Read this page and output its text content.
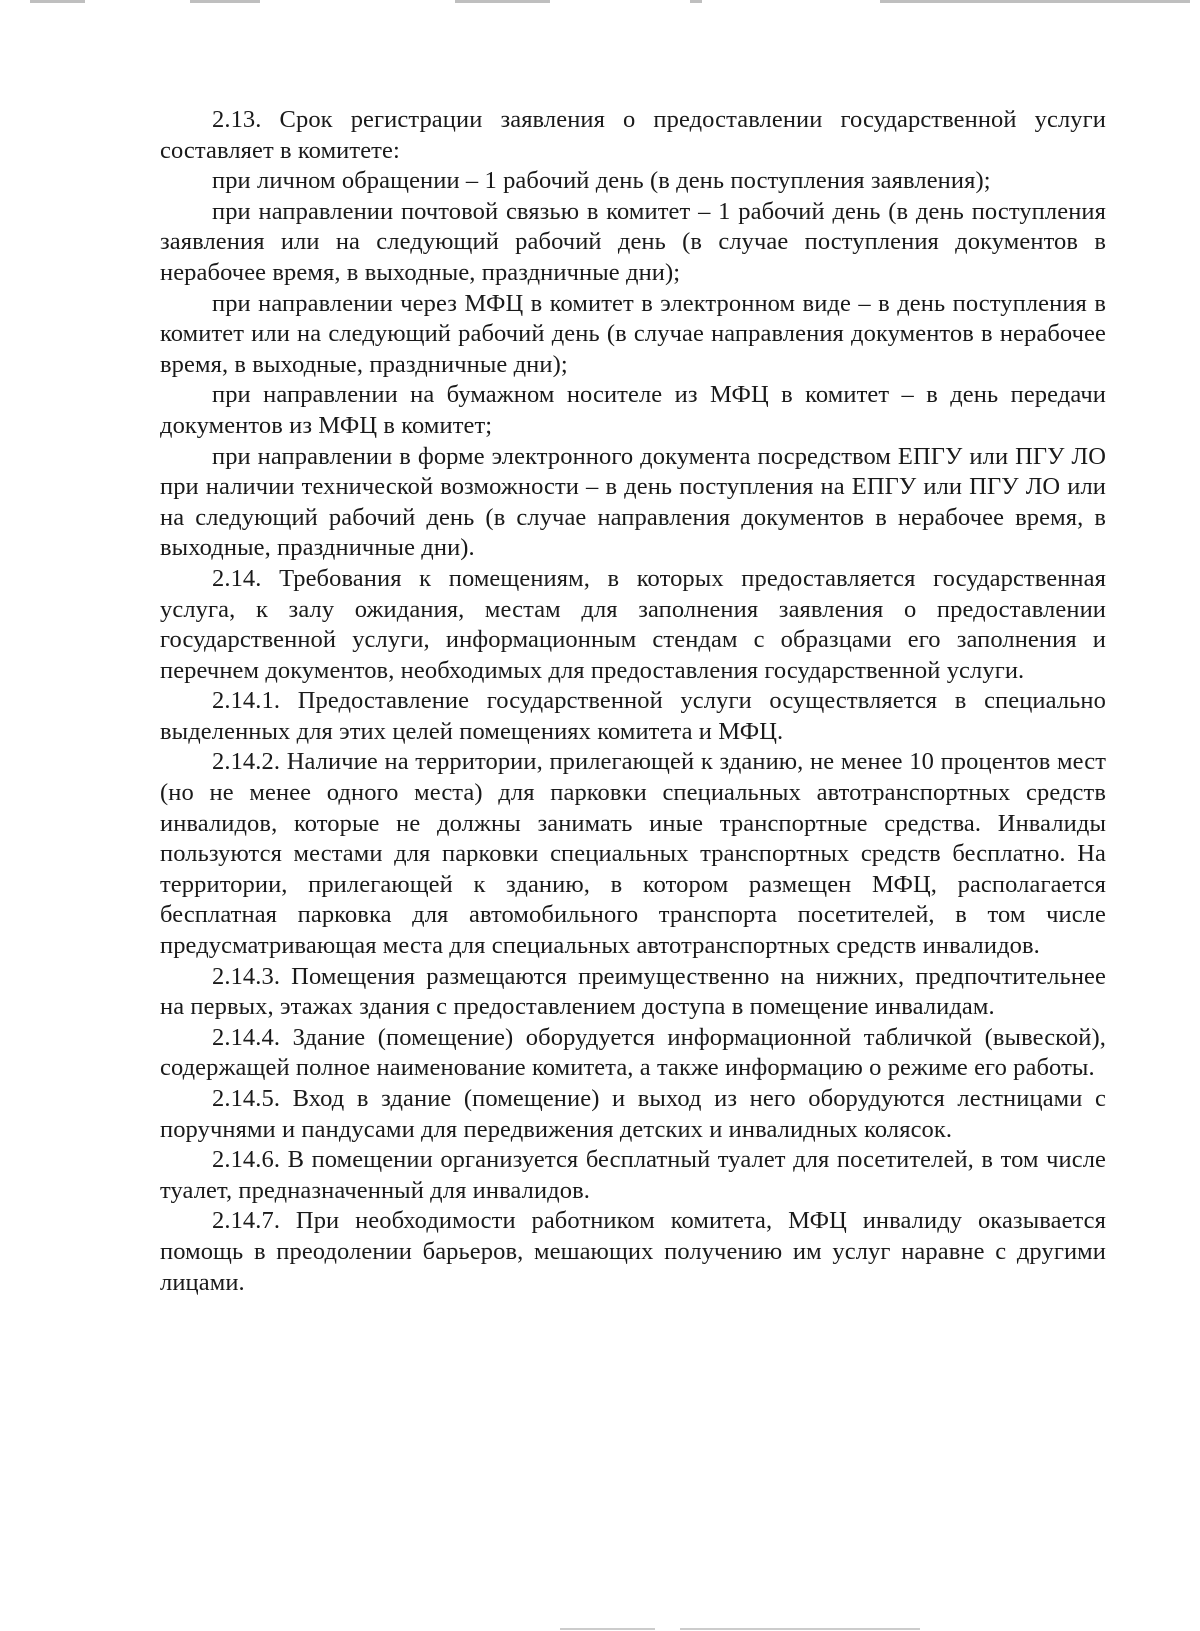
2.13. Срок регистрации заявления о предоставлении государственной услуги составляет в комитете:

при личном обращении – 1 рабочий день (в день поступления заявления);

при направлении почтовой связью в комитет – 1 рабочий день (в день поступления заявления или на следующий рабочий день (в случае поступления документов в нерабочее время, в выходные, праздничные дни);

при направлении через МФЦ в комитет в электронном виде – в день поступления в комитет или на следующий рабочий день (в случае направления документов в нерабочее время, в выходные, праздничные дни);

при направлении на бумажном носителе из МФЦ в комитет – в день передачи документов из МФЦ в комитет;

при направлении в форме электронного документа посредством ЕПГУ или ПГУ ЛО при наличии технической возможности – в день поступления на ЕПГУ или ПГУ ЛО или на следующий рабочий день (в случае направления документов в нерабочее время, в выходные, праздничные дни).

2.14. Требования к помещениям, в которых предоставляется государственная услуга, к залу ожидания, местам для заполнения заявления о предоставлении государственной услуги, информационным стендам с образцами его заполнения и перечнем документов, необходимых для предоставления государственной услуги.

2.14.1. Предоставление государственной услуги осуществляется в специально выделенных для этих целей помещениях комитета и МФЦ.

2.14.2. Наличие на территории, прилегающей к зданию, не менее 10 процентов мест (но не менее одного места) для парковки специальных автотранспортных средств инвалидов, которые не должны занимать иные транспортные средства. Инвалиды пользуются местами для парковки специальных транспортных средств бесплатно. На территории, прилегающей к зданию, в котором размещен МФЦ, располагается бесплатная парковка для автомобильного транспорта посетителей, в том числе предусматривающая места для специальных автотранспортных средств инвалидов.

2.14.3. Помещения размещаются преимущественно на нижних, предпочтительнее на первых, этажах здания с предоставлением доступа в помещение инвалидам.

2.14.4. Здание (помещение) оборудуется информационной табличкой (вывеской), содержащей полное наименование комитета, а также информацию о режиме его работы.

2.14.5. Вход в здание (помещение) и выход из него оборудуются лестницами с поручнями и пандусами для передвижения детских и инвалидных колясок.

2.14.6. В помещении организуется бесплатный туалет для посетителей, в том числе туалет, предназначенный для инвалидов.

2.14.7. При необходимости работником комитета, МФЦ инвалиду оказывается помощь в преодолении барьеров, мешающих получению им услуг наравне с другими лицами.
